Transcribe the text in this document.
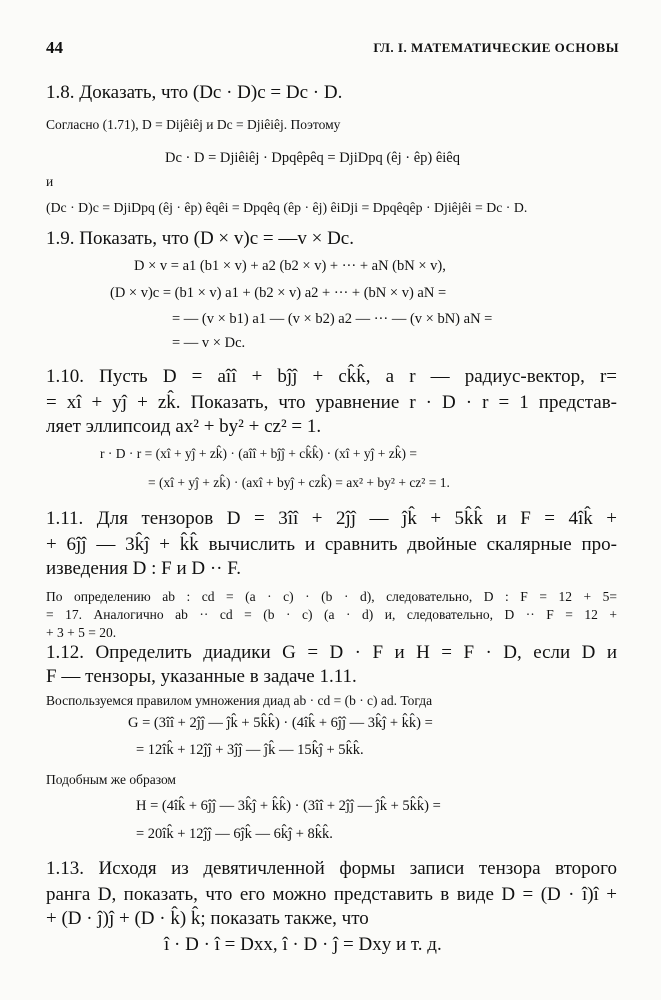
44	ГЛ. I. МАТЕМАТИЧЕСКИЕ ОСНОВЫ
1.8. Доказать, что (Dc · D)c = Dc · D.
Согласно (1.71), D = Dijêiêj и Dc = Djiêiêj. Поэтому
Dc · D = Djiêiêj · Dpqêpêq = DjiDpq (êj · êp) êiêq
и
(Dc · D)c = DjiDpq (êj · êp) êqêi = Dpqêq (êp · êj) êiDji = Dpqêqêp · Djiêjêi = Dc · D.
1.9. Показать, что (D × v)c = —v × Dc.
D × v = a1 (b1 × v) + a2 (b2 × v) + ··· + aN (bN × v),
(D × v)c = (b1 × v) a1 + (b2 × v) a2 + ··· + (bN × v) aN =
= — (v × b1) a1 — (v × b2) a2 — ··· — (v × bN) aN =
= — v × Dc.
1.10. Пусть D = aîî + bĵĵ + ck̂k̂, a r — радиус-вектор, r=
= xî + yĵ + zk̂. Показать, что уравнение r · D · r = 1 представ-
ляет эллипсоид ax² + by² + cz² = 1.
r · D · r = (xî + yĵ + zk̂) · (aîî + bĵĵ + ck̂k̂) · (xî + yĵ + zk̂) =
= (xî + yĵ + zk̂) · (axî + byĵ + czk̂) = ax² + by² + cz² = 1.
1.11. Для тензоров D = 3îî + 2ĵĵ — ĵk̂ + 5k̂k̂ и F = 4îk̂ +
+ 6ĵĵ — 3k̂ĵ + k̂k̂ вычислить и сравнить двойные скалярные про-
изведения D : F и D ·· F.
По определению ab : cd = (a · c) · (b · d), следовательно, D : F = 12 + 5=
= 17. Аналогично ab ·· cd = (b · c) (a · d) и, следовательно, D ·· F = 12 +
+ 3 + 5 = 20.
1.12. Определить диадики G = D · F и H = F · D, если D и
F — тензоры, указанные в задаче 1.11.
Воспользуемся правилом умножения диад ab · cd = (b · c) ad. Тогда
G = (3îî + 2ĵĵ — ĵk̂ + 5k̂k̂) · (4îk̂ + 6ĵĵ — 3k̂ĵ + k̂k̂) =
= 12îk̂ + 12ĵĵ + 3ĵĵ — ĵk̂ — 15k̂ĵ + 5k̂k̂.
Подобным же образом
H = (4îk̂ + 6ĵĵ — 3k̂ĵ + k̂k̂) · (3îî + 2ĵĵ — ĵk̂ + 5k̂k̂) =
= 20îk̂ + 12ĵĵ — 6ĵk̂ — 6k̂ĵ + 8k̂k̂.
1.13. Исходя из девятичленной формы записи тензора второго
ранга D, показать, что его можно представить в виде D = (D · î)î +
+ (D · ĵ)ĵ + (D · k̂) k̂; показать также, что
î · D · î = Dxx, î · D · ĵ = Dxy и т. д.
